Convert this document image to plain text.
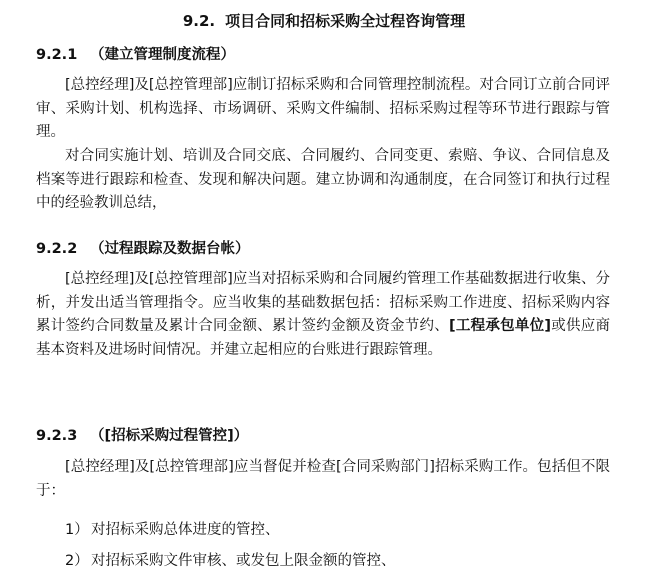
9.2. 项目合同和招标采购全过程咨询管理
9.2.1 （建立管理制度流程）

[总控经理]及[总控管理部]应制订招标采购和合同管理控制流程。对合同订立前合同评审、采购计划、机构选择、市场调研、采购文件编制、招标采购过程等环节进行跟踪与管理。

对合同实施计划、培训及合同交底、合同履约、合同变更、索赔、争议、合同信息及档案等进行跟踪和检查、发现和解决问题。建立协调和沟通制度，在合同签订和执行过程中的经验教训总结，

9.2.2 （过程跟踪及数据台帐）

[总控经理]及[总控管理部]应当对招标采购和合同履约管理工作基础数据进行收集、分析，并发出适当管理指令。应当收集的基础数据包括：招标采购工作进度、招标采购内容累计签约合同数量及累计合同金额、累计签约金额及资金节约、[工程承包单位]或供应商基本资料及进场时间情况。并建立起相应的台账进行跟踪管理。

9.2.3 （[招标采购过程管控]）

[总控经理]及[总控管理部]应当督促并检查[合同采购部门]招标采购工作。包括但不限于：

1） 对招标采购总体进度的管控、
2） 对招标采购文件审核、或发包上限金额的管控、
